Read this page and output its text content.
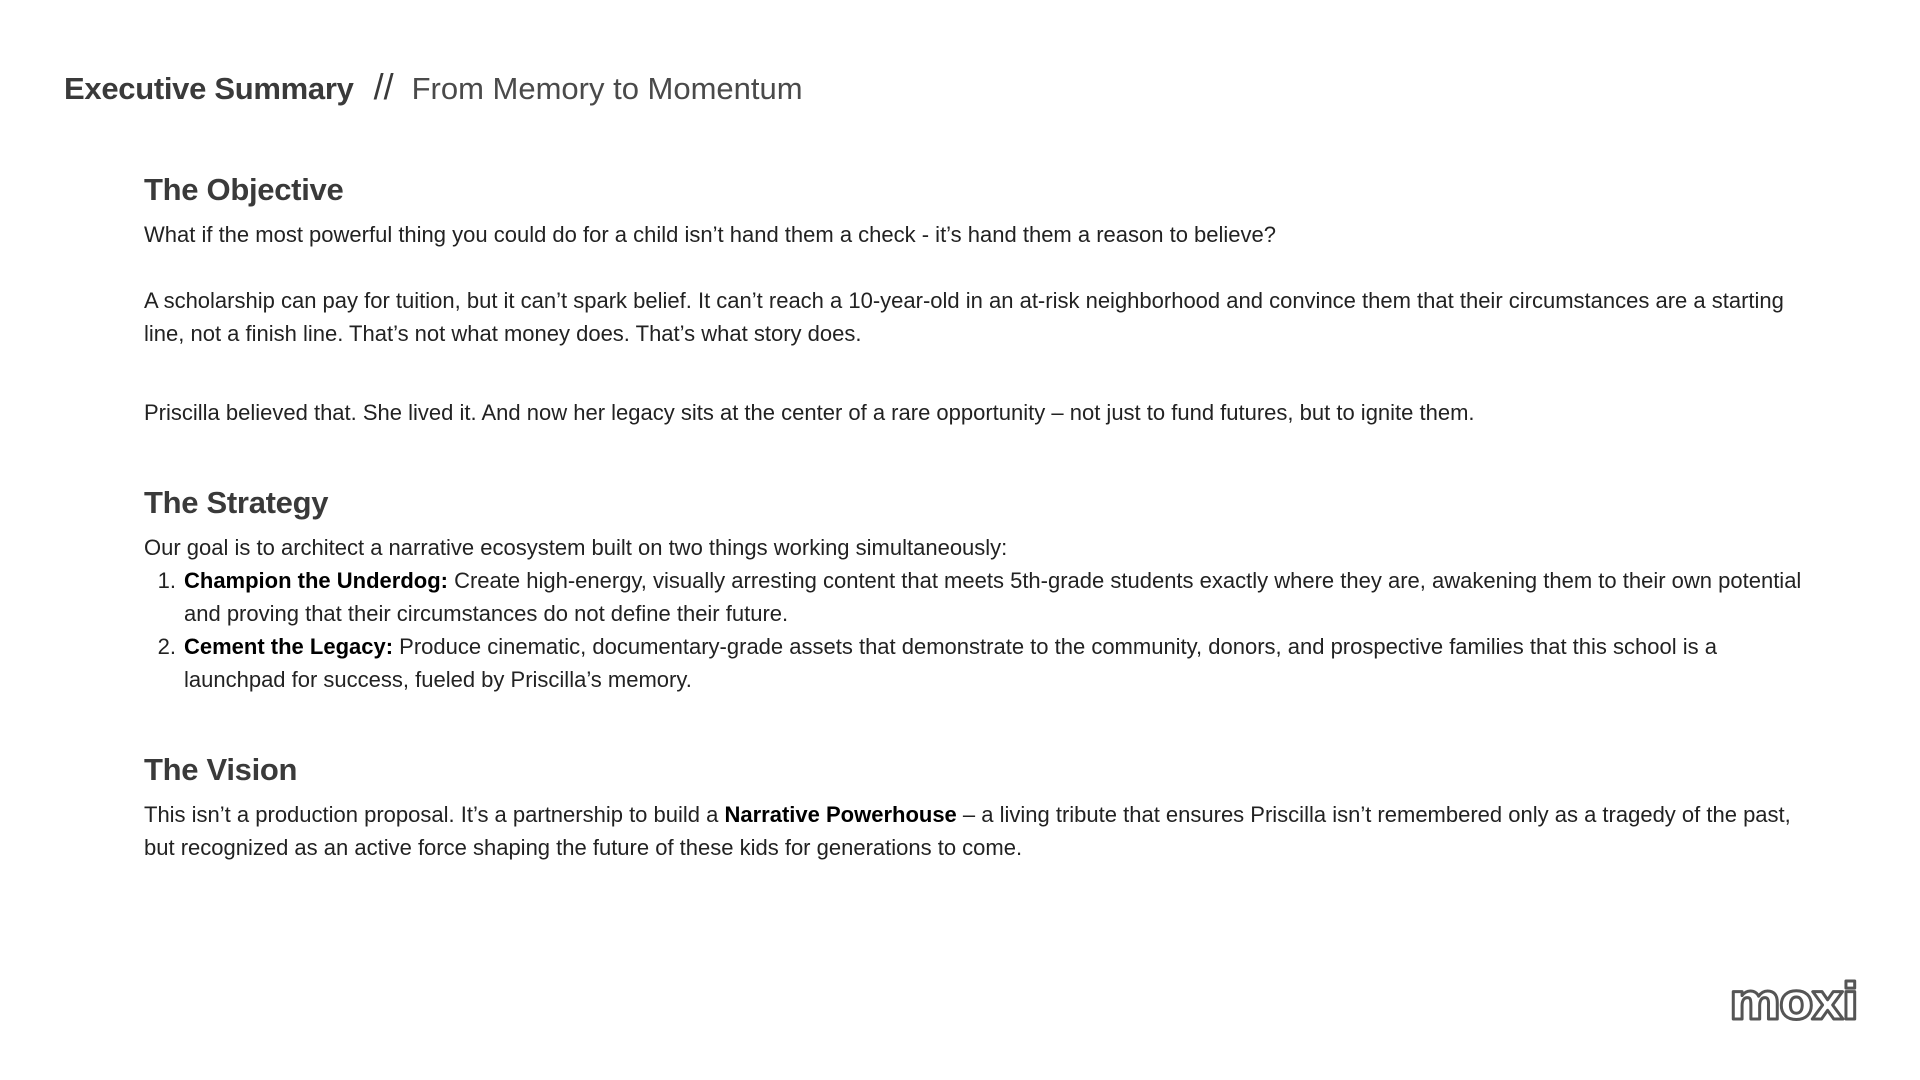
Executive Summary // From Memory to Momentum
The Objective

What if the most powerful thing you could do for a child isn’t hand them a check - it’s hand them a reason to believe?

A scholarship can pay for tuition, but it can’t spark belief. It can’t reach a 10-year-old in an at-risk neighborhood and convince them that their circumstances are a starting line, not a finish line. That’s not what money does. That’s what story does.

Priscilla believed that. She lived it. And now her legacy sits at the center of a rare opportunity – not just to fund futures, but to ignite them.

The Strategy

Our goal is to architect a narrative ecosystem built on two things working simultaneously:

1. Champion the Underdog: Create high-energy, visually arresting content that meets 5th-grade students exactly where they are, awakening them to their own potential and proving that their circumstances do not define their future.
2. Cement the Legacy: Produce cinematic, documentary-grade assets that demonstrate to the community, donors, and prospective families that this school is a launchpad for success, fueled by Priscilla’s memory.
The Vision

This isn’t a production proposal. It’s a partnership to build a Narrative Powerhouse – a living tribute that ensures Priscilla isn’t remembered only as a tragedy of the past, but recognized as an active force shaping the future of these kids for generations to come.

moxi
